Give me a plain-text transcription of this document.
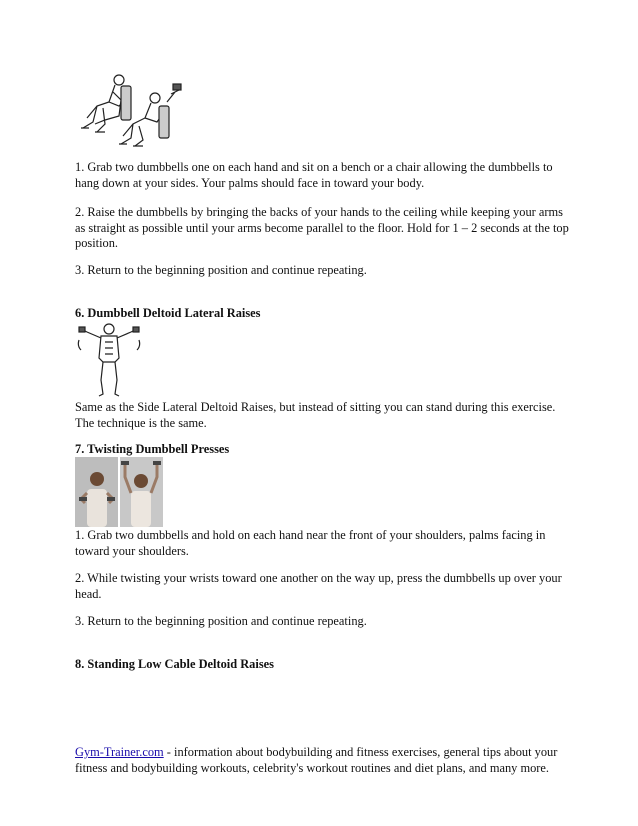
1. Grab two dumbbells one on each hand and sit on a bench or a chair allowing the dumbbells to hang down at your sides. Your palms should face in toward your body.

2. Raise the dumbbells by bringing the backs of your hands to the ceiling while keeping your arms as straight as possible until your arms become parallel to the floor. Hold for 1 – 2 seconds at the top position.

3. Return to the beginning position and continue repeating.

6. Dumbbell Deltoid Lateral Raises

Same as the Side Lateral Deltoid Raises, but instead of sitting you can stand during this exercise. The technique is the same.

7. Twisting Dumbbell Presses

1. Grab two dumbbells and hold on each hand near the front of your shoulders, palms facing in toward your shoulders.

2. While twisting your wrists toward one another on the way up, press the dumbbells up over your head.

3. Return to the beginning position and continue repeating.

8. Standing Low Cable Deltoid Raises

Gym-Trainer.com - information about bodybuilding and fitness exercises, general tips about your fitness and bodybuilding workouts, celebrity's workout routines and diet plans, and many more.
